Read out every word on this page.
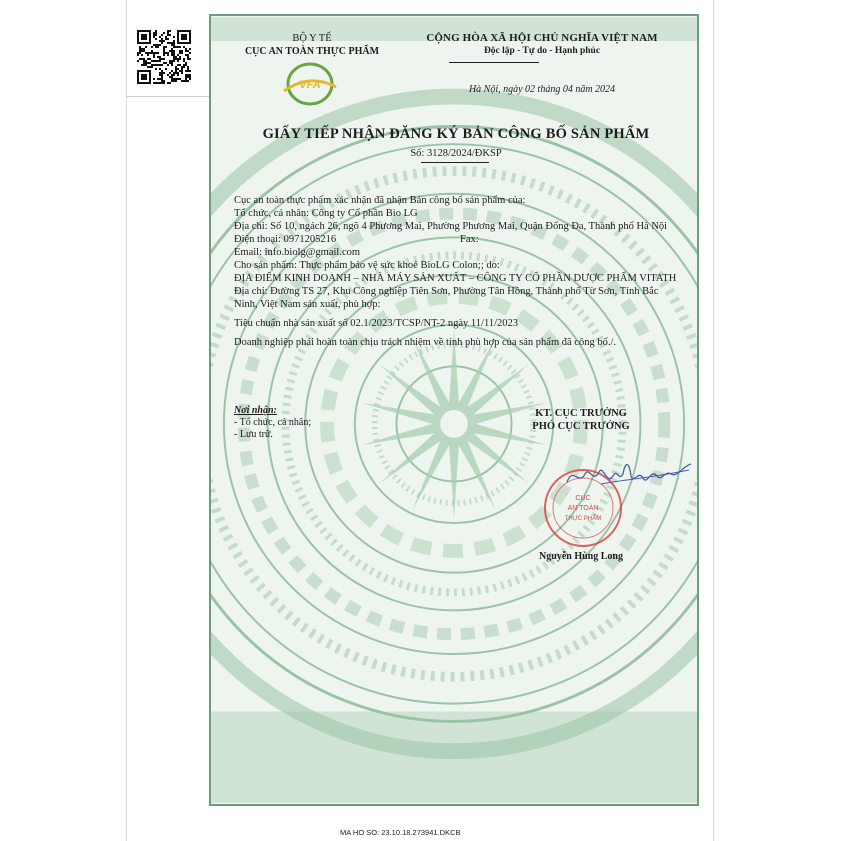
BỘ Y TẾ
CỤC AN TOÀN THỰC PHẨM
VFA
CỘNG HÒA XÃ HỘI CHỦ NGHĨA VIỆT NAM
Độc lập - Tự do - Hạnh phúc
Hà Nội, ngày 02 tháng 04 năm 2024
GIẤY TIẾP NHẬN ĐĂNG KÝ BẢN CÔNG BỐ SẢN PHẨM
Số: 3128/2024/ĐKSP
Cục an toàn thực phẩm xác nhận đã nhận Bản công bố sản phẩm của:
Tổ chức, cá nhân: Công ty Cổ phần Bio LG
Địa chỉ: Số 10, ngách 26, ngõ 4 Phương Mai, Phường Phương Mai, Quận Đống Đa, Thành phố Hà Nội
Điện thoại: 0971205216	Fax:
Email: info.biolg@gmail.com
Cho sản phẩm: Thực phẩm bảo vệ sức khoẻ BioLG Colon;; do:
ĐỊA ĐIỂM KINH DOANH – NHÀ MÁY SẢN XUẤT – CÔNG TY CỔ PHẦN DƯỢC PHẨM VITATH
Địa chỉ: Đường TS 27, Khu Công nghiệp Tiên Sơn, Phường Tân Hồng, Thành phố Từ Sơn, Tỉnh Bắc Ninh, Việt Nam sản xuất, phù hợp:
Tiêu chuẩn nhà sản xuất số 02.1/2023/TCSP/NT-2 ngày 11/11/2023
Doanh nghiệp phải hoàn toàn chịu trách nhiệm về tính phù hợp của sản phẩm đã công bố./.
Nơi nhận:
- Tổ chức, cá nhân;
- Lưu trữ.
KT. CỤC TRƯỞNG
PHÓ CỤC TRƯỞNG
CỤC
AN TOÀN
THỰC PHẨM
Nguyễn Hùng Long
MA HO SO: 23.10.18.273941.DKCB
